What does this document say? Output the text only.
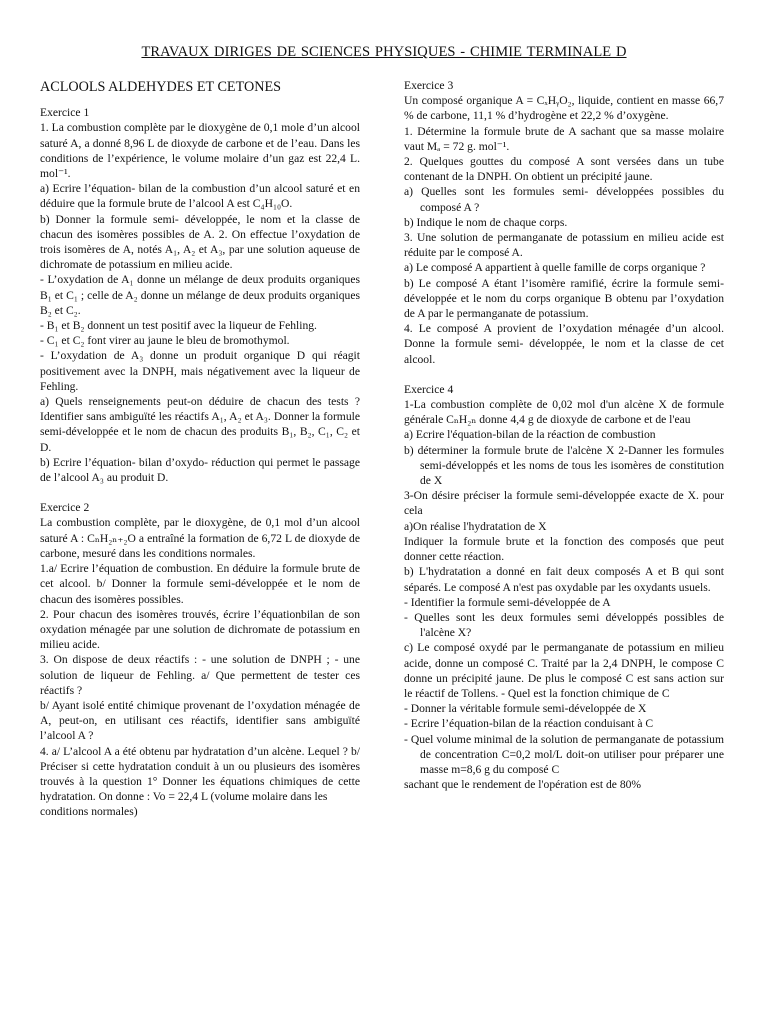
TRAVAUX DIRIGES DE SCIENCES PHYSIQUES - CHIMIE TERMINALE D
ACLOOLS ALDEHYDES ET CETONES
Exercice 1

1. La combustion complète par le dioxygène de 0,1 mole d’un alcool saturé A, a donné 8,96 L de dioxyde de carbone et de l’eau. Dans les conditions de l’expérience, le volume molaire d’un gaz est 22,4 L. mol⁻¹.

a) Ecrire l’équation- bilan de la combustion d’un alcool saturé et en déduire que la formule brute de l’alcool A est C₄H₁₀O.

b) Donner la formule semi- développée, le nom et la classe de chacun des isomères possibles de A. 2. On effectue l’oxydation de trois isomères de A, notés A₁, A₂ et A₃, par une solution aqueuse de dichromate de potassium en milieu acide.

- L’oxydation de A₁ donne un mélange de deux produits organiques B₁ et C₁ ; celle de A₂ donne un mélange de deux produits organiques B₂ et C₂.

- B₁ et B₂ donnent un test positif avec la liqueur de Fehling.

- C₁ et C₂ font virer au jaune le bleu de bromothymol.

- L’oxydation de A₃ donne un produit organique D qui réagit positivement avec la DNPH, mais négativement avec la liqueur de Fehling.

a) Quels renseignements peut-on déduire de chacun des tests ? Identifier sans ambiguïté les réactifs A₁, A₂ et A₃. Donner la formule semi-développée et le nom de chacun des produits B₁, B₂, C₁, C₂ et D.

b) Ecrire l’équation- bilan d’oxydo- réduction qui permet le passage de l’alcool A₃ au produit D.

Exercice 2

La combustion complète, par le dioxygène, de 0,1 mol d’un alcool saturé A : CₙH₂ₙ₊₂O a entraîné la formation de 6,72 L de dioxyde de carbone, mesuré dans les conditions normales.

1.a/ Ecrire l’équation de combustion. En déduire la formule brute de cet alcool. b/ Donner la formule semi-développée et le nom de chacun des isomères possibles.

2. Pour chacun des isomères trouvés, écrire l’équationbilan de son oxydation ménagée par une solution de dichromate de potassium en milieu acide.

3. On dispose de deux réactifs : - une solution de DNPH ; - une solution de liqueur de Fehling. a/ Que permettent de tester ces réactifs ?

b/ Ayant isolé entité chimique provenant de l’oxydation ménagée de A, peut-on, en utilisant ces réactifs, identifier sans ambiguïté l’alcool A ?

4. a/ L’alcool A a été obtenu par hydratation d’un alcène. Lequel ? b/ Préciser si cette hydratation conduit à un ou plusieurs des isomères trouvés à la question 1° Donner les équations chimiques de cette hydratation. On donne : Vo = 22,4 L (volume molaire dans les

conditions normales)

Exercice 3

Un composé organique A = CₓHᵧO₂, liquide, contient en masse 66,7 % de carbone, 11,1 % d’hydrogène et 22,2 % d’oxygène.

1. Détermine la formule brute de A sachant que sa masse molaire vaut Mₐ = 72 g. mol⁻¹.

2. Quelques gouttes du composé A sont versées dans un tube contenant de la DNPH. On obtient un précipité jaune.

a) Quelles sont les formules semi- développées possibles du composé A ?

b) Indique le nom de chaque corps.

3. Une solution de permanganate de potassium en milieu acide est réduite par le composé A.

a) Le composé A appartient à quelle famille de corps organique ?

b) Le composé A étant l’isomère ramifié, écrire la formule semi- développée et le nom du corps organique B obtenu par l’oxydation de A par le permanganate de potassium.

4. Le composé A provient de l’oxydation ménagée d’un alcool. Donne la formule semi- développée, le nom et la classe de cet alcool.

Exercice 4

1-La combustion complète de 0,02 mol d'un alcène X de formule générale CₙH₂ₙ donne 4,4 g de dioxyde de carbone et de l'eau

a) Ecrire l'équation-bilan de la réaction de combustion

b) déterminer la formule brute de l'alcène X 2-Danner les formules semi-développés et les noms de tous les isomères de constitution de X

3-On désire préciser la formule semi-développée exacte de X. pour cela

a)On réalise l'hydratation de X

Indiquer la formule brute et la fonction des composés que peut donner cette réaction.

b) L'hydratation a donné en fait deux composés A et B qui sont séparés. Le composé A n'est pas oxydable par les oxydants usuels.

- Identifier la formule semi-développée de A

- Quelles sont les deux formules semi développés possibles de l'alcène X?

c) Le composé oxydé par le permanganate de potassium en milieu acide, donne un composé C. Traité par la 2,4 DNPH, le compose C donne un précipité jaune. De plus le composé C est sans action sur le réactif de Tollens. - Quel est la fonction chimique de C

- Donner la véritable formule semi-développée de X

- Ecrire l’équation-bilan de la réaction conduisant à C

- Quel volume minimal de la solution de permanganate de potassium de concentration C=0,2 mol/L doit-on utiliser pour préparer une masse m=8,6 g du composé C

sachant que le rendement de l'opération est de 80%
